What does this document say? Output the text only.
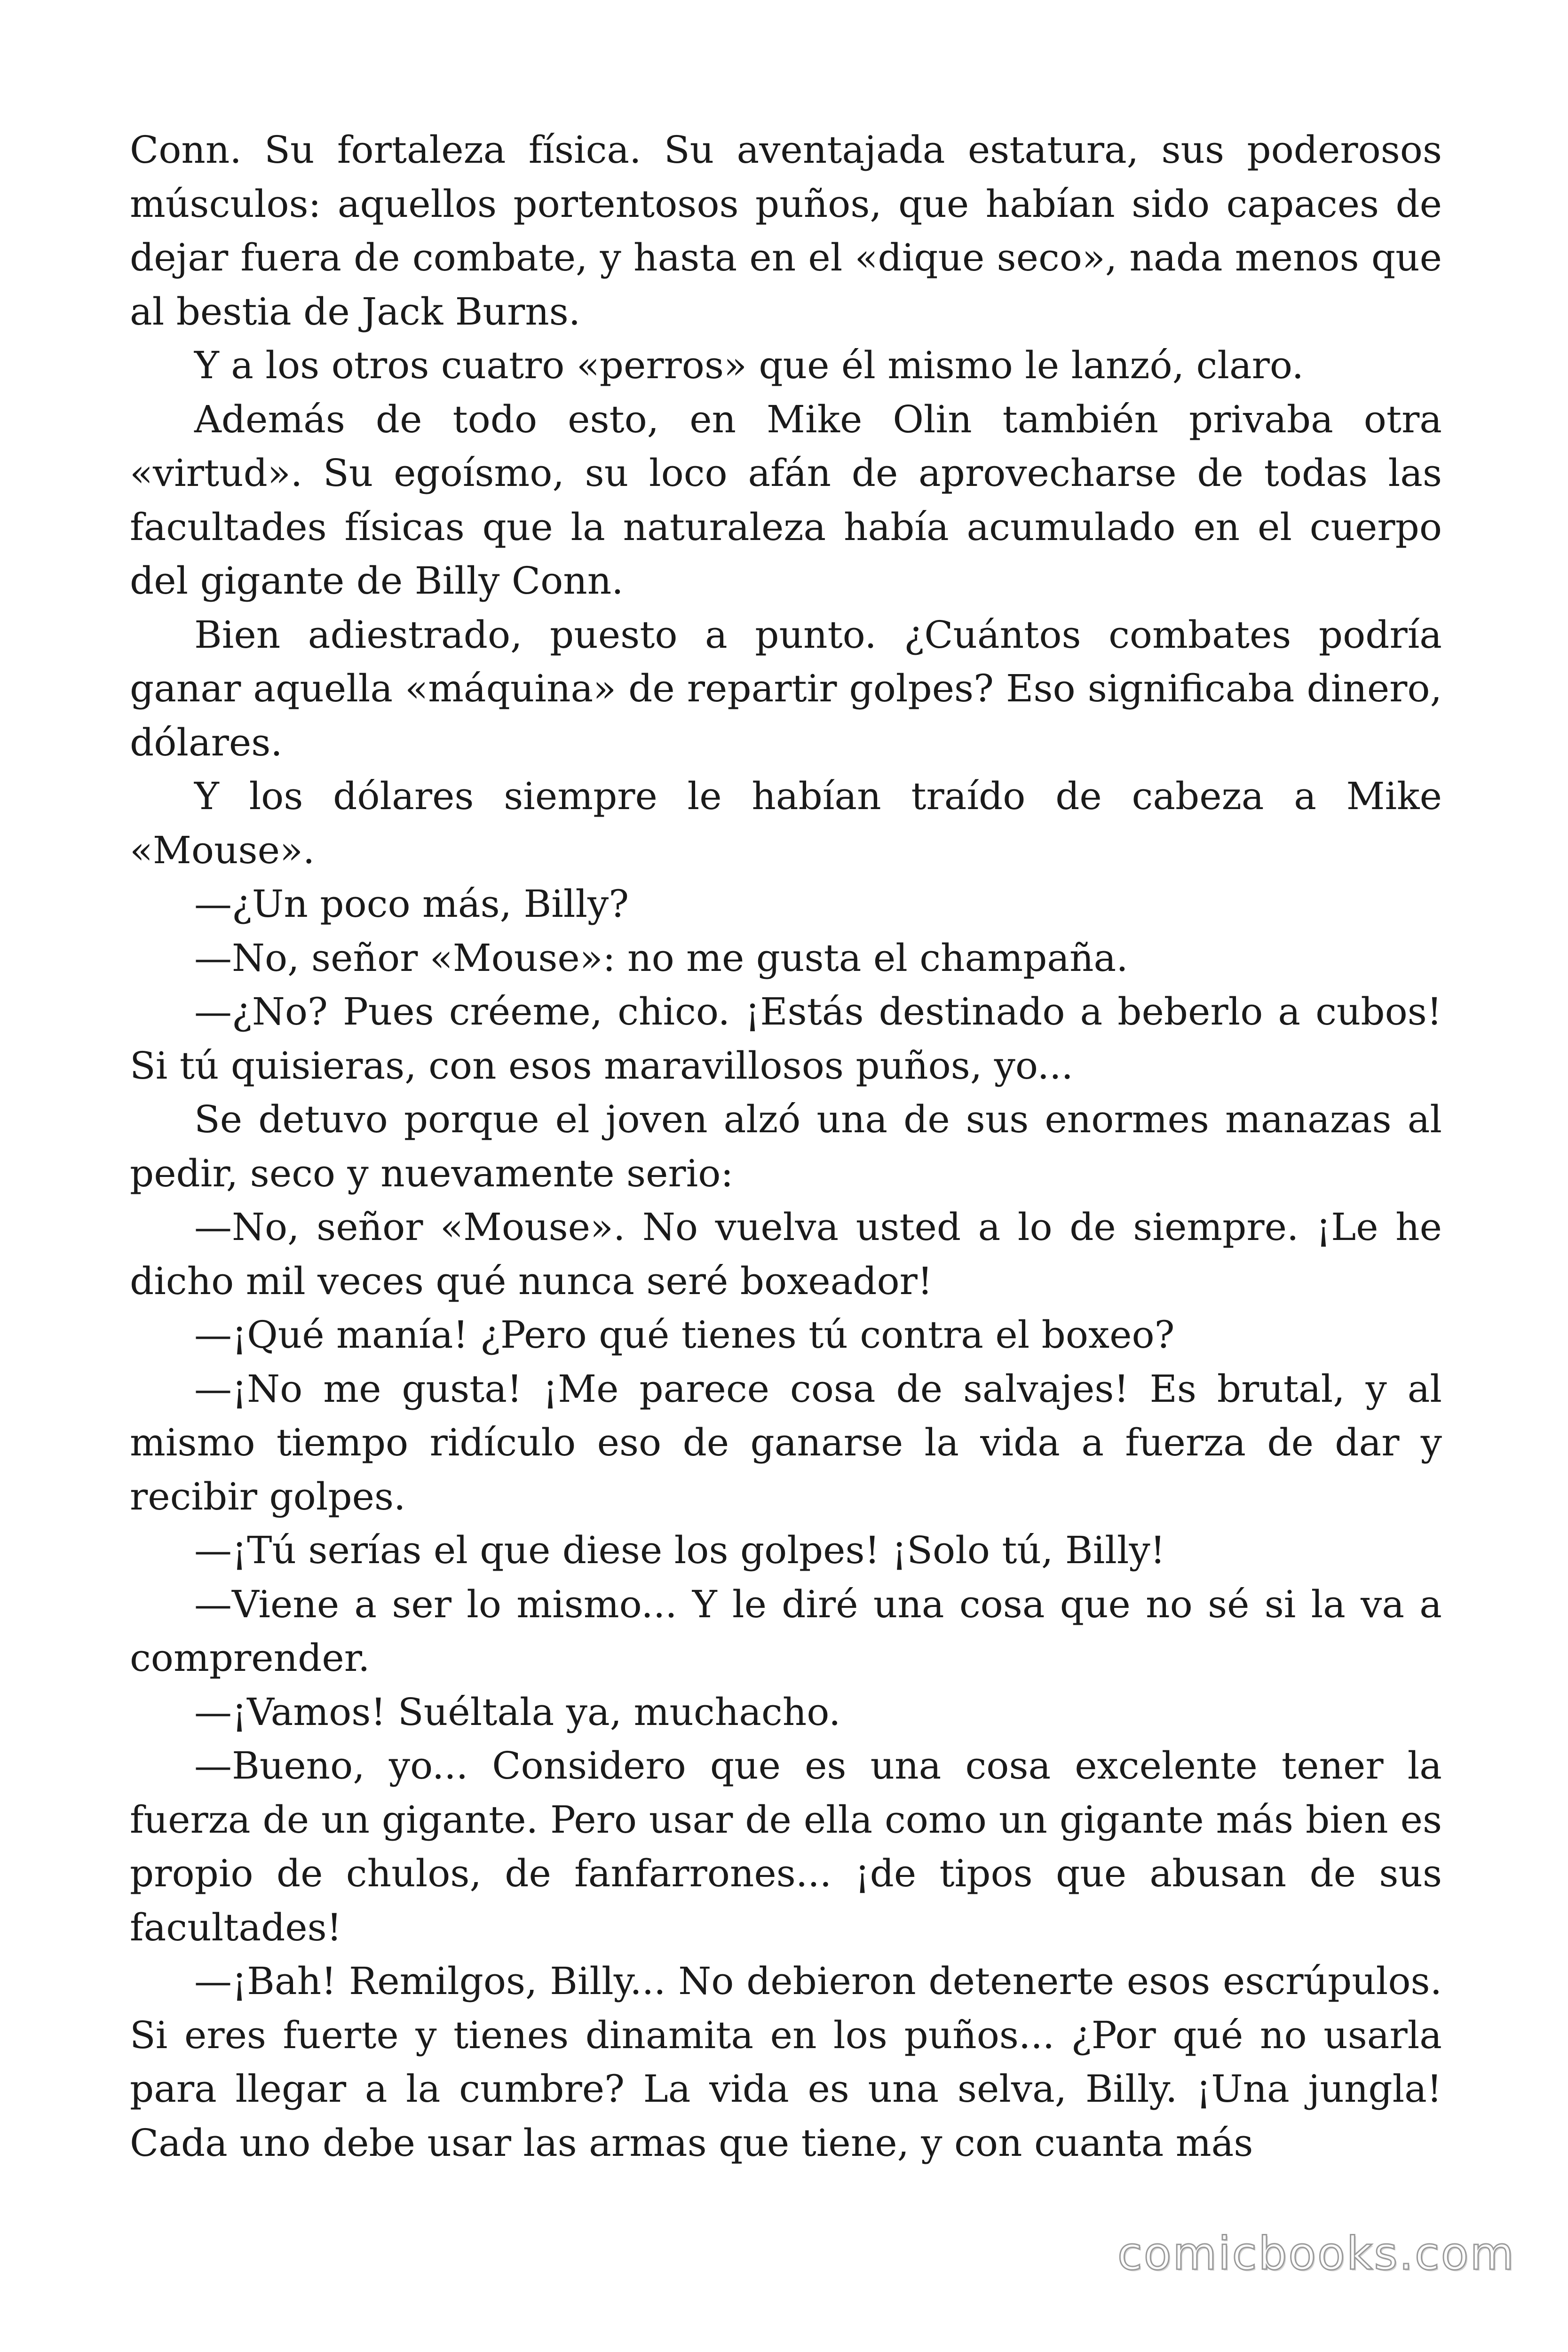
Conn. Su fortaleza física. Su aventajada estatura, sus poderosos músculos: aquellos portentosos puños, que habían sido capaces de dejar fuera de combate, y hasta en el «dique seco», nada menos que al bestia de Jack Burns.

Y a los otros cuatro «perros» que él mismo le lanzó, claro.

Además de todo esto, en Mike Olin también privaba otra «virtud». Su egoísmo, su loco afán de aprovecharse de todas las facultades físicas que la naturaleza había acumulado en el cuerpo del gigante de Billy Conn.

Bien adiestrado, puesto a punto. ¿Cuántos combates podría ganar aquella «máquina» de repartir golpes? Eso significaba dinero, dólares.

Y los dólares siempre le habían traído de cabeza a Mike «Mouse».

—¿Un poco más, Billy?

—No, señor «Mouse»: no me gusta el champaña.

—¿No? Pues créeme, chico. ¡Estás destinado a beberlo a cubos! Si tú quisieras, con esos maravillosos puños, yo...

Se detuvo porque el joven alzó una de sus enormes manazas al pedir, seco y nuevamente serio:

—No, señor «Mouse». No vuelva usted a lo de siempre. ¡Le he dicho mil veces qué nunca seré boxeador!

—¡Qué manía! ¿Pero qué tienes tú contra el boxeo?

—¡No me gusta! ¡Me parece cosa de salvajes! Es brutal, y al mismo tiempo ridículo eso de ganarse la vida a fuerza de dar y recibir golpes.

—¡Tú serías el que diese los golpes! ¡Solo tú, Billy!

—Viene a ser lo mismo... Y le diré una cosa que no sé si la va a comprender.

—¡Vamos! Suéltala ya, muchacho.

—Bueno, yo... Considero que es una cosa excelente tener la fuerza de un gigante. Pero usar de ella como un gigante más bien es propio de chulos, de fanfarrones... ¡de tipos que abusan de sus facultades!

—¡Bah! Remilgos, Billy... No debieron detenerte esos escrúpulos. Si eres fuerte y tienes dinamita en los puños... ¿Por qué no usarla para llegar a la cumbre? La vida es una selva, Billy. ¡Una jungla! Cada uno debe usar las armas que tiene, y con cuanta más

comicbooks.com
